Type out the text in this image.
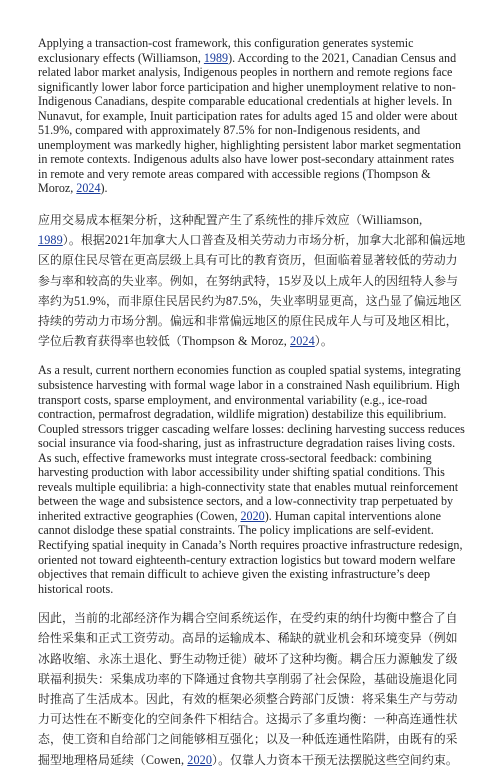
Applying a transaction-cost framework, this configuration generates systemic exclusionary effects (Williamson, 1989). According to the 2021, Canadian Census and related labor market analysis, Indigenous peoples in northern and remote regions face significantly lower labor force participation and higher unemployment relative to non-Indigenous Canadians, despite comparable educational credentials at higher levels. In Nunavut, for example, Inuit participation rates for adults aged 15 and older were about 51.9%, compared with approximately 87.5% for non-Indigenous residents, and unemployment was markedly higher, highlighting persistent labor market segmentation in remote contexts. Indigenous adults also have lower post-secondary attainment rates in remote and very remote areas compared with accessible regions (Thompson & Moroz, 2024).

应用交易成本框架分析，这种配置产生了系统性的排斥效应（Williamson, 1989）。根据2021年加拿大人口普查及相关劳动力市场分析，加拿大北部和偏远地区的原住民尽管在更高层级上具有可比的教育资历，但面临着显著较低的劳动力参与率和较高的失业率。例如，在努纳武特，15岁及以上成年人的因纽特人参与率约为51.9%，而非原住民居民约为87.5%，失业率明显更高，这凸显了偏远地区持续的劳动力市场分割。偏远和非常偏远地区的原住民成年人与可及地区相比，学位后教育获得率也较低（Thompson & Moroz, 2024）。

As a result, current northern economies function as coupled spatial systems, integrating subsistence harvesting with formal wage labor in a constrained Nash equilibrium. High transport costs, sparse employment, and environmental variability (e.g., ice-road contraction, permafrost degradation, wildlife migration) destabilize this equilibrium. Coupled stressors trigger cascading welfare losses: declining harvesting success reduces social insurance via food-sharing, just as infrastructure degradation raises living costs. As such, effective frameworks must integrate cross-sectoral feedback: combining harvesting production with labor accessibility under shifting spatial conditions. This reveals multiple equilibria: a high-connectivity state that enables mutual reinforcement between the wage and subsistence sectors, and a low-connectivity trap perpetuated by inherited extractive geographies (Cowen, 2020). Human capital interventions alone cannot dislodge these spatial constraints. The policy implications are self-evident. Rectifying spatial inequity in Canada’s North requires proactive infrastructure redesign, oriented not toward eighteenth-century extraction logistics but toward modern welfare objectives that remain difficult to achieve given the existing infrastructure’s deep historical roots.

因此，当前的北部经济作为耦合空间系统运作，在受约束的纳什均衡中整合了自给性采集和正式工资劳动。高昂的运输成本、稀缺的就业机会和环境变异（例如冰路收缩、永冻土退化、野生动物迁徙）破坏了这种均衡。耦合压力源触发了级联福利损失：采集成功率的下降通过食物共享削弱了社会保险，基础设施退化同时推高了生活成本。因此，有效的框架必须整合跨部门反馈：将采集生产与劳动力可达性在不断变化的空间条件下相结合。这揭示了多重均衡：一种高连通性状态，使工资和自给部门之间能够相互强化；以及一种低连通性陷阱，由既有的采掘型地理格局延续（Cowen, 2020）。仅靠人力资本干预无法摆脱这些空间约束。
